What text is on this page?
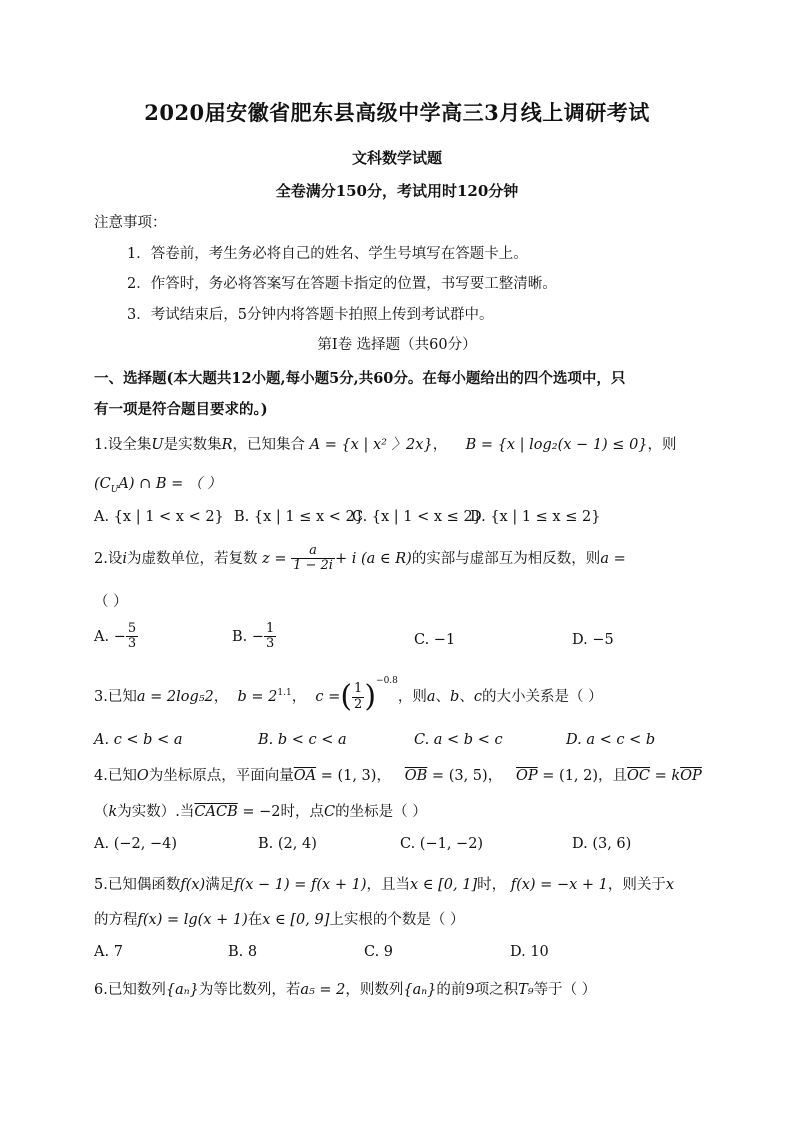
2020届安徽省肥东县高级中学高三3月线上调研考试
文科数学试题
全卷满分150分，考试用时120分钟
注意事项：
1．答卷前，考生务必将自己的姓名、学生号填写在答题卡上。
2．作答时，务必将答案写在答题卡指定的位置，书写要工整清晰。
3．考试结束后，5分钟内将答题卡拍照上传到考试群中。
第Ⅰ卷 选择题（共60分）
一、选择题(本大题共12小题,每小题5分,共60分。在每小题给出的四个选项中，只
有一项是符合题目要求的。)
1.设全集U是实数集R，已知集合 A = {x | x² 〉2x}， B = {x | log₂(x − 1) ≤ 0}，则
$(C_UA)$ ∩ B = （ ）
A. {x | 1 < x < 2} B. {x | 1 ≤ x < 2}
C. {x | 1 < x ≤ 2}
D. {x | 1 ≤ x ≤ 2}
2.设i为虚数单位，若复数 $z = \frac{a}{1 - 2i} + i$ (a ∈ R)的实部与虚部互为相反数，则a =
（ ）
A. − $\frac{5}{3}$	B. − $\frac{1}{3}$	C. −1	D. −5
3.已知a = 2log₅2， $b = 2^{1.1}$， c =( $\frac{1}{2} )^{-0.8}$，则a、b、c的大小关系是（ ）
A. c < b < a	B. b < c < a	C. a < b < c	D. a < c < b
4.已知O为坐标原点，平面向量$\overline{OA} = (1$, 3)， $\overline{OB} = (3$, 5)， $\overline{OP} = (1$, 2)，且$\overline{OC} = k\overline{OP}$
（k为实数）.当$\overline{CA}\overline{CB} = -2$时，点C的坐标是（ ）
A. (−2, −4)	B. (2, 4)	C. (−1, −2)	D. (3, 6)
5.已知偶函数f(x)满足f(x − 1) = f(x + 1)，且当x ∈ [0, 1]时， f(x) = −x + 1，则关于x
的方程f(x) = lg(x + 1)在x ∈ [0, 9]上实根的个数是（ ）
A. 7	B. 8	C. 9	D. 10
6.已知数列{aₙ}为等比数列，若a₅ = 2，则数列{aₙ}的前9项之积T₉等于（ ）
